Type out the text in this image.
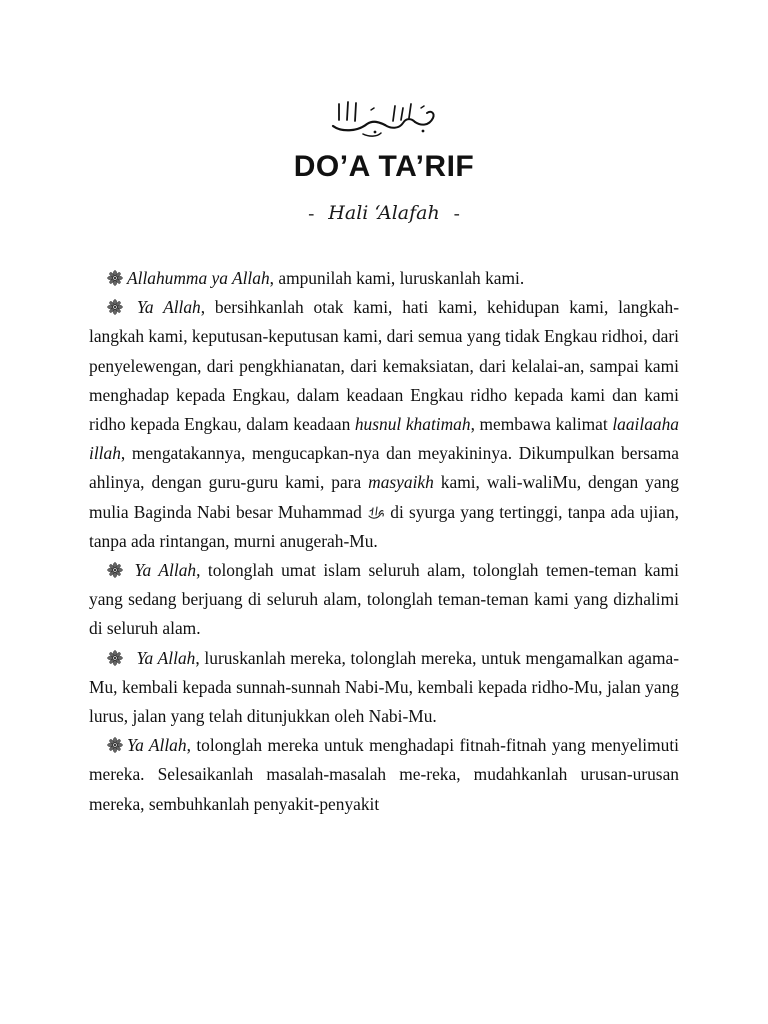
DO’A TA’RIF
- Hali ‘Alafah -

Allahumma ya Allah, ampunilah kami, luruskanlah kami.

Ya Allah, bersihkanlah otak kami, hati kami, kehidupan kami, langkah-langkah kami, keputusan-keputusan kami, dari semua yang tidak Engkau ridhoi, dari penyelewengan, dari pengkhianatan, dari kemaksiatan, dari kelalai-an, sampai kami menghadap kepada Engkau, dalam keadaan Engkau ridho kepada kami dan kami ridho kepada Engkau, dalam keadaan husnul khatimah, membawa kalimat laailaaha illah, mengatakannya, mengucapkan-nya dan meyakininya. Dikumpulkan bersama ahlinya, dengan guru-guru kami, para masyaikh kami, wali-waliMu, dengan yang mulia Baginda Nabi besar Muhammad  di syurga yang tertinggi, tanpa ada ujian, tanpa ada rintangan, murni anugerah-Mu.

Ya Allah, tolonglah umat islam seluruh alam, tolonglah temen-teman kami yang sedang berjuang di seluruh alam, tolonglah teman-teman kami yang dizhalimi di seluruh alam.

Ya Allah, luruskanlah mereka, tolonglah mereka, untuk mengamalkan agama-Mu, kembali kepada sunnah-sunnah Nabi-Mu, kembali kepada ridho-Mu, jalan yang lurus, jalan yang telah ditunjukkan oleh Nabi-Mu.

Ya Allah, tolonglah mereka untuk menghadapi fitnah-fitnah yang menyelimuti mereka. Selesaikanlah masalah-masalah me-reka, mudahkanlah urusan-urusan mereka, sembuhkanlah penyakit-penyakit
